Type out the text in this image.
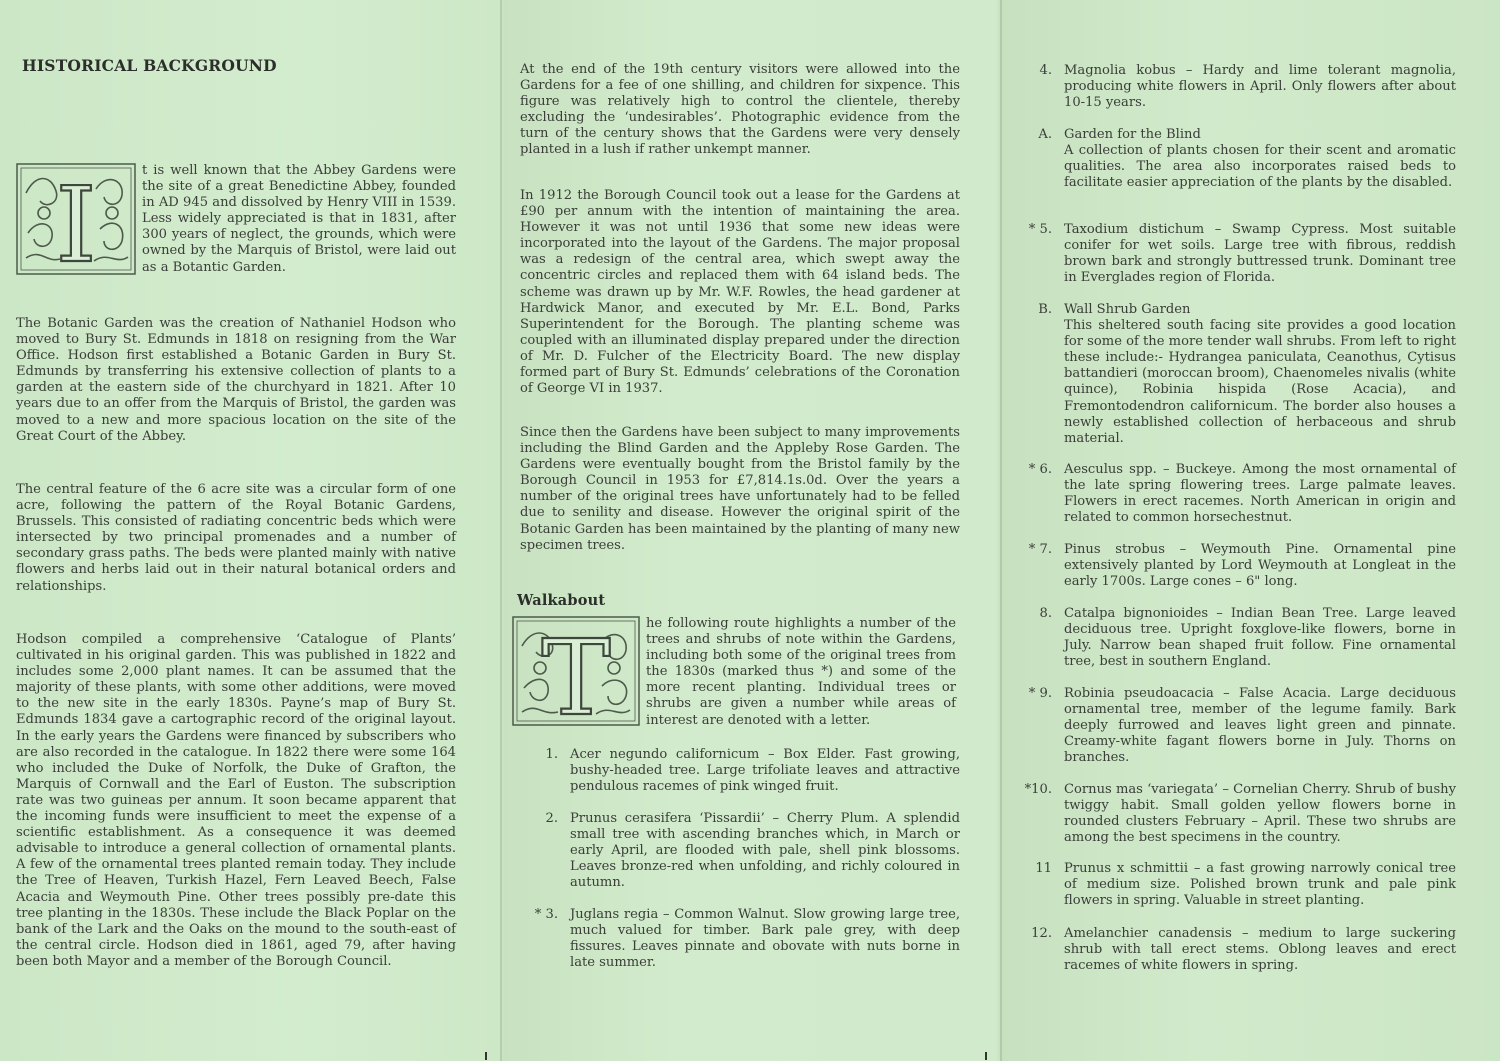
HISTORICAL BACKGROUND
I	t is well known that the Abbey Gardens were the site of a great Benedictine Abbey, founded in AD 945 and dissolved by Henry VIII in 1539. Less widely appreciated is that in 1831, after 300 years of neglect, the grounds, which were owned by the Marquis of Bristol, were laid out as a Botantic Garden.

The Botanic Garden was the creation of Nathaniel Hodson who moved to Bury St. Edmunds in 1818 on resigning from the War Office. Hodson first established a Botanic Garden in Bury St. Edmunds by transferring his extensive collection of plants to a garden at the eastern side of the churchyard in 1821. After 10 years due to an offer from the Marquis of Bristol, the garden was moved to a new and more spacious location on the site of the Great Court of the Abbey.

The central feature of the 6 acre site was a circular form of one acre, following the pattern of the Royal Botanic Gardens, Brussels. This consisted of radiating concentric beds which were intersected by two principal promenades and a number of secondary grass paths. The beds were planted mainly with native flowers and herbs laid out in their natural botanical orders and relationships.

Hodson compiled a comprehensive ‘Catalogue of Plants’ cultivated in his original garden. This was published in 1822 and includes some 2,000 plant names. It can be assumed that the majority of these plants, with some other additions, were moved to the new site in the early 1830s. Payne’s map of Bury St. Edmunds 1834 gave a cartographic record of the original layout. In the early years the Gardens were financed by subscribers who are also recorded in the catalogue. In 1822 there were some 164 who included the Duke of Norfolk, the Duke of Grafton, the Marquis of Cornwall and the Earl of Euston. The subscription rate was two guineas per annum. It soon became apparent that the incoming funds were insufficient to meet the expense of a scientific establishment. As a consequence it was deemed advisable to introduce a general collection of ornamental plants. A few of the ornamental trees planted remain today. They include the Tree of Heaven, Turkish Hazel, Fern Leaved Beech, False Acacia and Weymouth Pine. Other trees possibly pre-date this tree planting in the 1830s. These include the Black Poplar on the bank of the Lark and the Oaks on the mound to the south-east of the central circle. Hodson died in 1861, aged 79, after having been both Mayor and a member of the Borough Council.

At the end of the 19th century visitors were allowed into the Gardens for a fee of one shilling, and children for sixpence. This figure was relatively high to control the clientele, thereby excluding the ‘undesirables’. Photographic evidence from the turn of the century shows that the Gardens were very densely planted in a lush if rather unkempt manner.

In 1912 the Borough Council took out a lease for the Gardens at £90 per annum with the intention of maintaining the area. However it was not until 1936 that some new ideas were incorporated into the layout of the Gardens. The major proposal was a redesign of the central area, which swept away the concentric circles and replaced them with 64 island beds. The scheme was drawn up by Mr. W.F. Rowles, the head gardener at Hardwick Manor, and executed by Mr. E.L. Bond, Parks Superintendent for the Borough. The planting scheme was coupled with an illuminated display prepared under the direction of Mr. D. Fulcher of the Electricity Board. The new display formed part of Bury St. Edmunds’ celebrations of the Coronation of George VI in 1937.

Since then the Gardens have been subject to many improvements including the Blind Garden and the Appleby Rose Garden. The Gardens were eventually bought from the Bristol family by the Borough Council in 1953 for £7,814.1s.0d. Over the years a number of the original trees have unfortunately had to be felled due to senility and disease. However the original spirit of the Botanic Garden has been maintained by the planting of many new specimen trees.

Walkabout
T	he following route highlights a number of the trees and shrubs of note within the Gardens, including both some of the original trees from the 1830s (marked thus *) and some of the more recent planting. Individual trees or shrubs are given a number while areas of interest are denoted with a letter.

1. Acer negundo californicum – Box Elder. Fast growing, bushy-headed tree. Large trifoliate leaves and attractive pendulous racemes of pink winged fruit.
2. Prunus cerasifera ‘Pissardii’ – Cherry Plum. A splendid small tree with ascending branches which, in March or early April, are flooded with pale, shell pink blossoms. Leaves bronze-red when unfolding, and richly coloured in autumn.
* 3. Juglans regia – Common Walnut. Slow growing large tree, much valued for timber. Bark pale grey, with deep fissures. Leaves pinnate and obovate with nuts borne in late summer.
4. Magnolia kobus – Hardy and lime tolerant magnolia, producing white flowers in April. Only flowers after about 10-15 years.
A. Garden for the Blind
A collection of plants chosen for their scent and aromatic qualities. The area also incorporates raised beds to facilitate easier appreciation of the plants by the disabled.
* 5. Taxodium distichum – Swamp Cypress. Most suitable conifer for wet soils. Large tree with fibrous, reddish brown bark and strongly buttressed trunk. Dominant tree in Everglades region of Florida.
B. Wall Shrub Garden
This sheltered south facing site provides a good location for some of the more tender wall shrubs. From left to right these include:- Hydrangea paniculata, Ceanothus, Cytisus battandieri (moroccan broom), Chaenomeles nivalis (white quince), Robinia hispida (Rose Acacia), and Fremontodendron californicum. The border also houses a newly established collection of herbaceous and shrub material.
* 6. Aesculus spp. – Buckeye. Among the most ornamental of the late spring flowering trees. Large palmate leaves. Flowers in erect racemes. North American in origin and related to common horsechestnut.
* 7. Pinus strobus – Weymouth Pine. Ornamental pine extensively planted by Lord Weymouth at Longleat in the early 1700s. Large cones – 6" long.
8. Catalpa bignonioides – Indian Bean Tree. Large leaved deciduous tree. Upright foxglove-like flowers, borne in July. Narrow bean shaped fruit follow. Fine ornamental tree, best in southern England.
* 9. Robinia pseudoacacia – False Acacia. Large deciduous ornamental tree, member of the legume family. Bark deeply furrowed and leaves light green and pinnate. Creamy-white fagant flowers borne in July. Thorns on branches.
*10. Cornus mas ‘variegata’ – Cornelian Cherry. Shrub of bushy twiggy habit. Small golden yellow flowers borne in rounded clusters February – April. These two shrubs are among the best specimens in the country.
11 Prunus x schmittii – a fast growing narrowly conical tree of medium size. Polished brown trunk and pale pink flowers in spring. Valuable in street planting.
12. Amelanchier canadensis – medium to large suckering shrub with tall erect stems. Oblong leaves and erect racemes of white flowers in spring.
